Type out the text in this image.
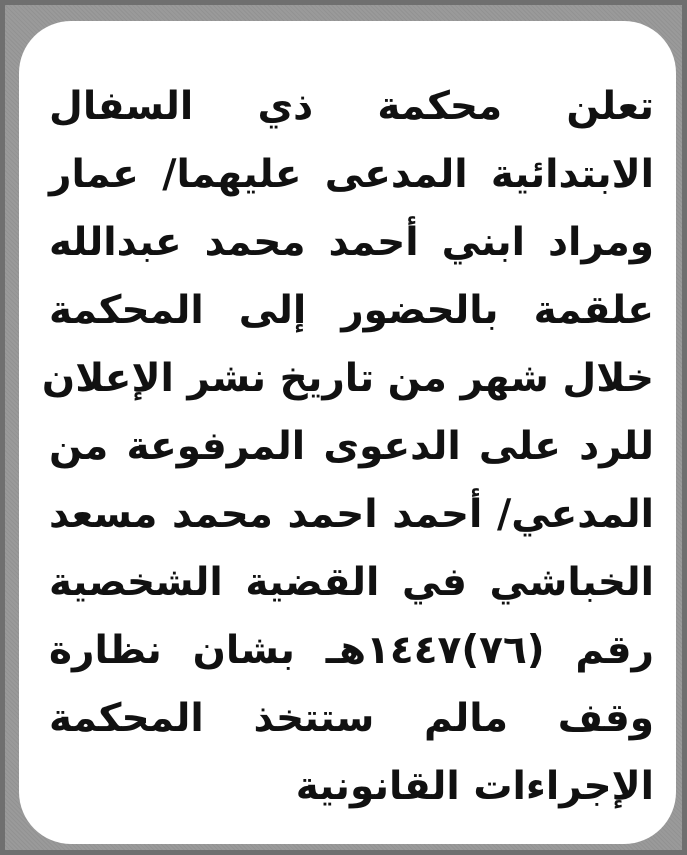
تعلن محكمة ذي السفال
الابتدائية المدعى عليهما/ عمار
ومراد ابني أحمد محمد عبدالله
علقمة بالحضور إلى المحكمة
خلال شهر من تاريخ نشر الإعلان
للرد على الدعوى المرفوعة من
المدعي/ أحمد احمد محمد مسعد
الخباشي في القضية الشخصية
رقم (٧٦)١٤٤٧هـ بشان نظارة
وقف مالم ستتخذ المحكمة
الإجراءات القانونية
